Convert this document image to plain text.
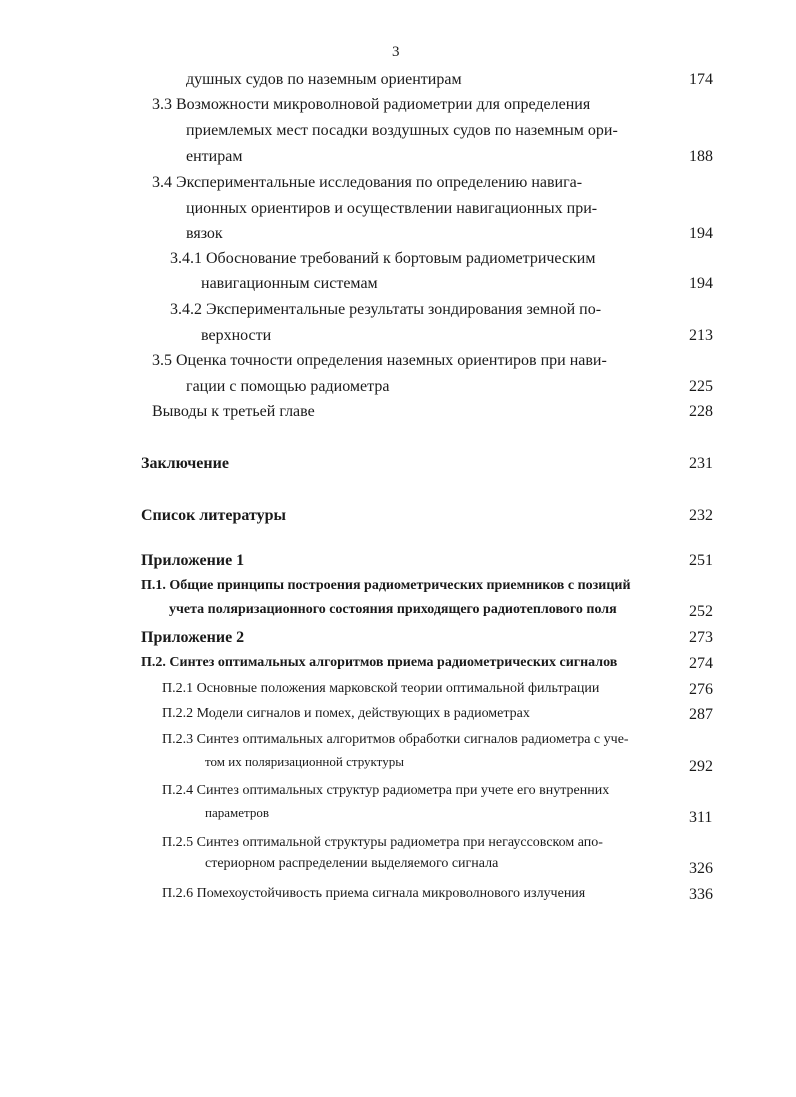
3
душных судов по наземным ориентирам	174
3.3 Возможности микроволновой радиометрии для определения
приемлемых мест посадки воздушных судов по наземным ори-
ентирам	188
3.4 Экспериментальные исследования по определению навига-
ционных ориентиров и осуществлении навигационных при-
вязок	194
3.4.1 Обоснование требований к бортовым радиометрическим
навигационным системам	194
3.4.2 Экспериментальные результаты зондирования земной по-
верхности	213
3.5 Оценка точности определения наземных ориентиров при нави-
гации с помощью радиометра	225
Выводы к третьей главе	228
Заключение	231
Список литературы	232
Приложение 1	251
П.1. Общие принципы построения радиометрических приемников с позиций
учета поляризационного состояния приходящего радиотеплового поля	252
Приложение 2	273
П.2. Синтез оптимальных алгоритмов приема радиометрических сигналов	274
П.2.1 Основные положения марковской теории оптимальной фильтрации	276
П.2.2 Модели сигналов и помех, действующих в радиометрах	287
П.2.3 Синтез оптимальных алгоритмов обработки сигналов радиометра с уче-
том их поляризационной структуры	292
П.2.4 Синтез оптимальных структур радиометра при учете его внутренних
параметров	311
П.2.5 Синтез оптимальной структуры радиометра при негауссовском апо-
стериорном распределении выделяемого сигнала	326
П.2.6 Помехоустойчивость приема сигнала микроволнового излучения	336
